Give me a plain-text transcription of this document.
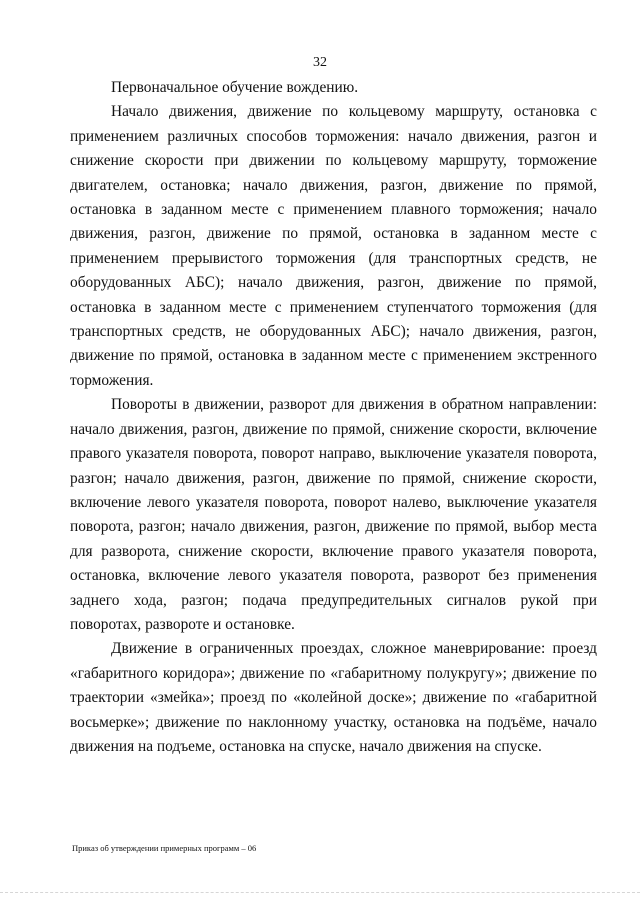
32

Первоначальное обучение вождению.

Начало движения, движение по кольцевому маршруту, остановка с применением различных способов торможения: начало движения, разгон и снижение скорости при движении по кольцевому маршруту, торможение двигателем, остановка; начало движения, разгон, движение по прямой, остановка в заданном месте с применением плавного торможения; начало движения, разгон, движение по прямой, остановка в заданном месте с применением прерывистого торможения (для транспортных средств, не оборудованных АБС); начало движения, разгон, движение по прямой, остановка в заданном месте с применением ступенчатого торможения (для транспортных средств, не оборудованных АБС); начало движения, разгон, движение по прямой, остановка в заданном месте с применением экстренного торможения.

Повороты в движении, разворот для движения в обратном направлении: начало движения, разгон, движение по прямой, снижение скорости, включение правого указателя поворота, поворот направо, выключение указателя поворота, разгон; начало движения, разгон, движение по прямой, снижение скорости, включение левого указателя поворота, поворот налево, выключение указателя поворота, разгон; начало движения, разгон, движение по прямой, выбор места для разворота, снижение скорости, включение правого указателя поворота, остановка, включение левого указателя поворота, разворот без применения заднего хода, разгон; подача предупредительных сигналов рукой при поворотах, развороте и остановке.

Движение в ограниченных проездах, сложное маневрирование: проезд «габаритного коридора»; движение по «габаритному полукругу»; движение по траектории «змейка»; проезд по «колейной доске»; движение по «габаритной восьмерке»; движение по наклонному участку, остановка на подъёме, начало движения на подъеме, остановка на спуске, начало движения на спуске.

Приказ об утверждении примерных программ – 06
